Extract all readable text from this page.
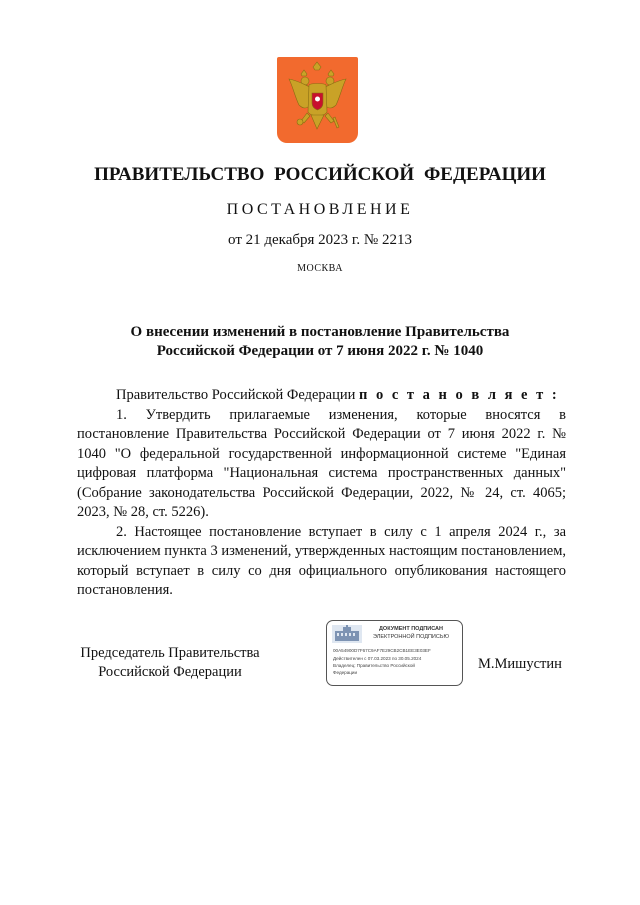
ПРАВИТЕЛЬСТВО РОССИЙСКОЙ ФЕДЕРАЦИИ
ПОСТАНОВЛЕНИЕ
от 21 декабря 2023 г. № 2213
МОСКВА
О внесении изменений в постановление Правительства
Российской Федерации от 7 июня 2022 г. № 1040

Правительство Российской Федерации п о с т а н о в л я е т :

1. Утвердить прилагаемые изменения, которые вносятся в постановление Правительства Российской Федерации от 7 июня 2022 г. № 1040 "О федеральной государственной информационной системе "Единая цифровая платформа "Национальная система пространственных данных" (Собрание законодательства Российской Федерации, 2022, № 24, ст. 4065; 2023, № 28, ст. 5226).

2. Настоящее постановление вступает в силу с 1 апреля 2024 г., за исключением пункта 3 изменений, утвержденных настоящим постановлением, который вступает в силу со дня официального опубликования настоящего постановления.

Председатель Правительства
Российской Федерации
ДОКУМЕНТ ПОДПИСАН
ЭЛЕКТРОННОЙ ПОДПИСЬЮ
00A54900D7F67C9AF7E29CB2CB1EE3E03EF
Действителен с 07.03.2023 по 30.05.2024
Владелец: Правительство Российской
Федерации
М.Мишустин
